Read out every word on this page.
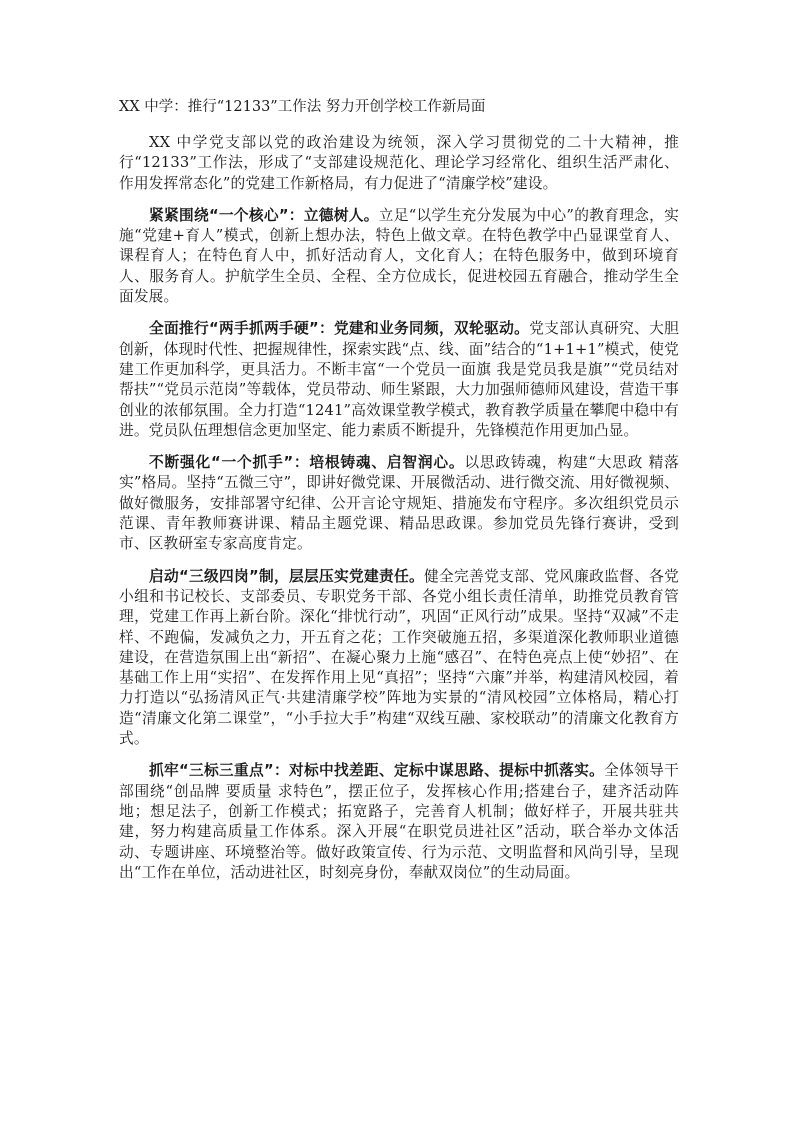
XX 中学：推行“12133”工作法 努力开创学校工作新局面

XX 中学党支部以党的政治建设为统领，深入学习贯彻党的二十大精神，推行“12133”工作法，形成了“支部建设规范化、理论学习经常化、组织生活严肃化、作用发挥常态化”的党建工作新格局，有力促进了“清廉学校”建设。

紧紧围绕“一个核心”：立德树人。立足“以学生充分发展为中心”的教育理念，实施“党建+育人”模式，创新上想办法，特色上做文章。在特色教学中凸显课堂育人、课程育人；在特色育人中，抓好活动育人，文化育人；在特色服务中，做到环境育人、服务育人。护航学生全员、全程、全方位成长，促进校园五育融合，推动学生全面发展。

全面推行“两手抓两手硬”：党建和业务同频，双轮驱动。党支部认真研究、大胆创新，体现时代性、把握规律性，探索实践“点、线、面”结合的“1+1+1”模式，使党建工作更加科学，更具活力。不断丰富“一个党员一面旗 我是党员我是旗”“党员结对帮扶”“党员示范岗”等载体，党员带动、师生紧跟，大力加强师德师风建设，营造干事创业的浓郁氛围。全力打造“1241”高效课堂教学模式，教育教学质量在攀爬中稳中有进。党员队伍理想信念更加坚定、能力素质不断提升，先锋模范作用更加凸显。

不断强化“一个抓手”：培根铸魂、启智润心。以思政铸魂，构建“大思政 精落实”格局。坚持“五微三守”，即讲好微党课、开展微活动、进行微交流、用好微视频、做好微服务，安排部署守纪律、公开言论守规矩、措施发布守程序。多次组织党员示范课、青年教师赛讲课、精品主题党课、精品思政课。参加党员先锋行赛讲，受到市、区教研室专家高度肯定。

启动“三级四岗”制，层层压实党建责任。健全完善党支部、党风廉政监督、各党小组和书记校长、支部委员、专职党务干部、各党小组长责任清单，助推党员教育管理，党建工作再上新台阶。深化“排忧行动”，巩固“正风行动”成果。坚持“双减”不走样、不跑偏，发减负之力，开五育之花；工作突破施五招，多渠道深化教师职业道德建设，在营造氛围上出“新招”、在凝心聚力上施“感召”、在特色亮点上使“妙招”、在基础工作上用“实招”、在发挥作用上见“真招”；坚持“六廉”并举，构建清风校园，着力打造以“弘扬清风正气·共建清廉学校”阵地为实景的“清风校园”立体格局，精心打造“清廉文化第二课堂”，“小手拉大手”构建“双线互融、家校联动”的清廉文化教育方式。

抓牢“三标三重点”：对标中找差距、定标中谋思路、提标中抓落实。全体领导干部围绕“创品牌 要质量 求特色”，摆正位子，发挥核心作用;搭建台子，建齐活动阵地；想足法子，创新工作模式；拓宽路子，完善育人机制；做好样子，开展共驻共建，努力构建高质量工作体系。深入开展“在职党员进社区”活动，联合举办文体活动、专题讲座、环境整治等。做好政策宣传、行为示范、文明监督和风尚引导，呈现出“工作在单位，活动进社区，时刻亮身份，奉献双岗位”的生动局面。
